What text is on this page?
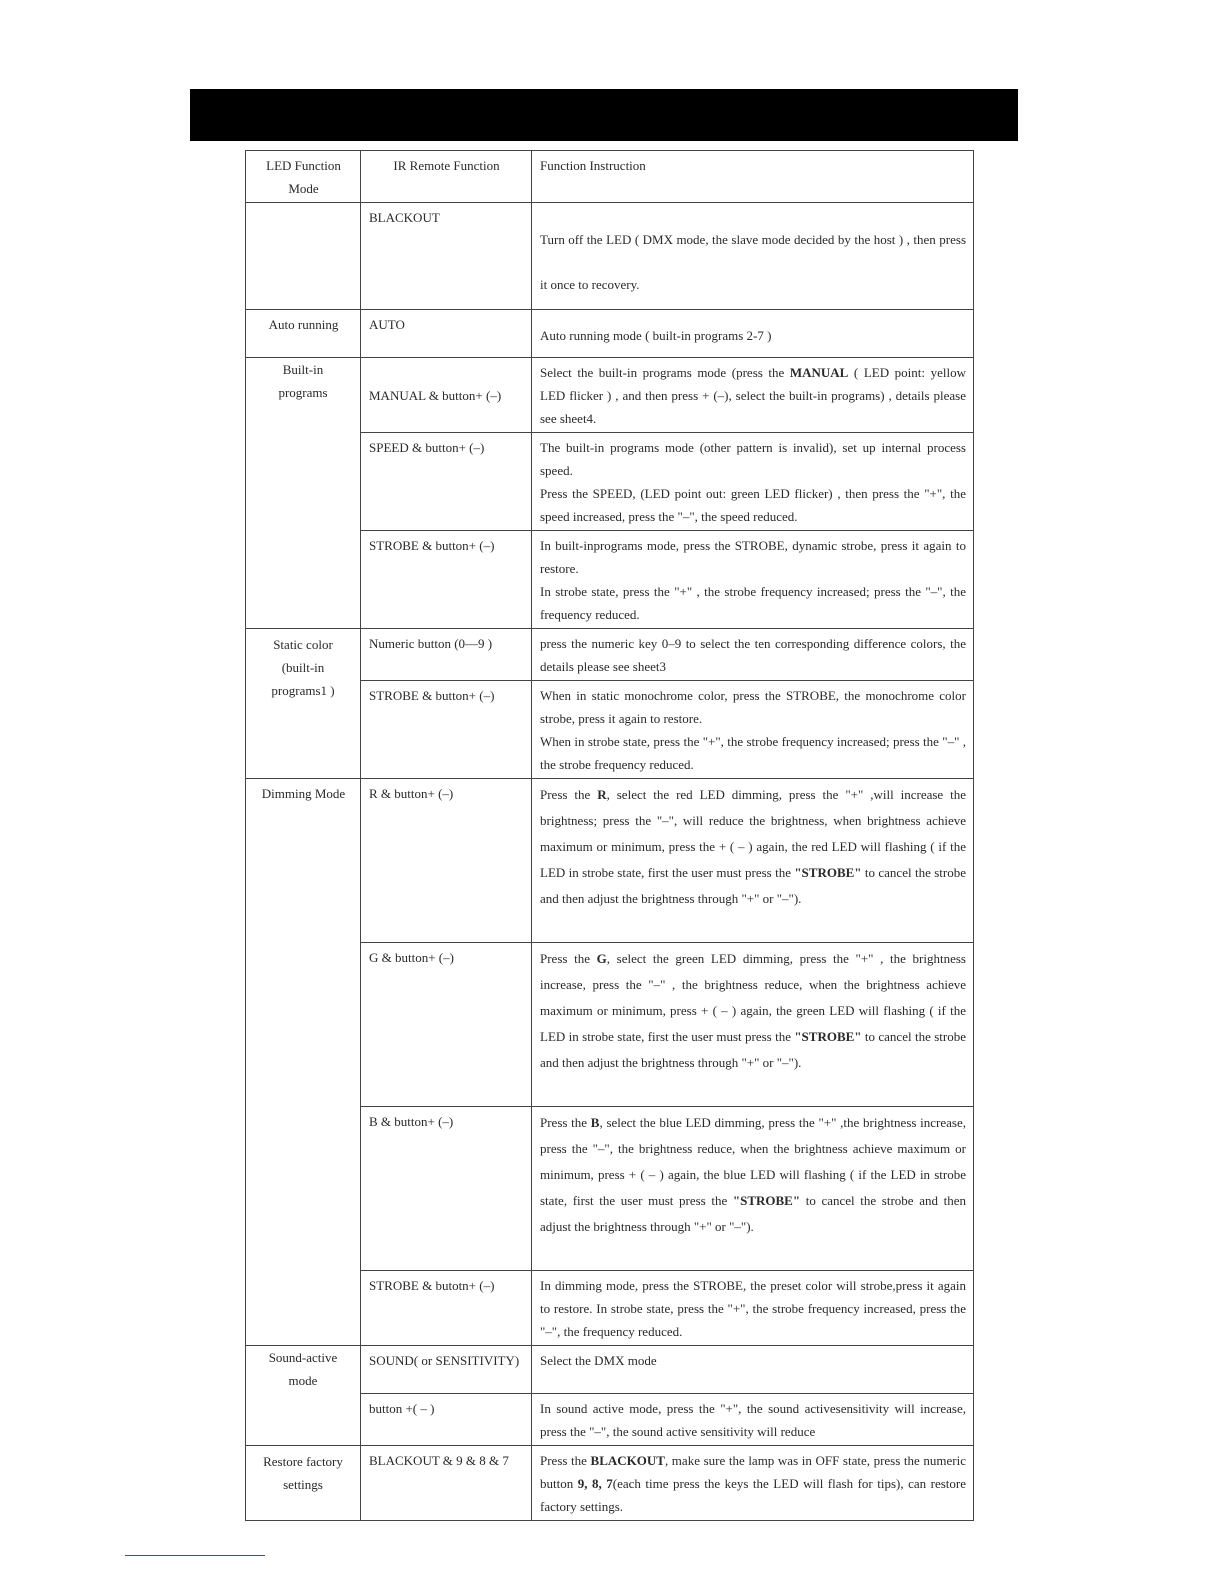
LED Function Mode	IR Remote Function	Function Instruction
	BLACKOUT	Turn off the LED ( DMX mode, the slave mode decided by the host ) , then press it once to recovery.
Auto running	AUTO	Auto running mode ( built-in programs 2-7 )
Built-in programs	MANUAL & button+ (–)	Select the built-in programs mode (press the MANUAL ( LED point: yellow LED flicker ) , and then press + (–), select the built-in programs) , details please see sheet4.
	SPEED & button+ (–)	The built-in programs mode (other pattern is invalid), set up internal process speed.
Press the SPEED, (LED point out: green LED flicker) , then press the "+", the speed increased, press the "–", the speed reduced.

	STROBE & button+ (–)	In built-inprograms mode, press the STROBE, dynamic strobe, press it again to restore.
In strobe state, press the "+" , the strobe frequency increased; press the "–", the frequency reduced.

Static color (built-in programs1 )	Numeric button (0—9 )	press the numeric key 0–9 to select the ten corresponding difference colors, the details please see sheet3
	STROBE & button+ (–)	When in static monochrome color, press the STROBE, the monochrome color strobe, press it again to restore.
When in strobe state, press the "+", the strobe frequency increased; press the "–" , the strobe frequency reduced.

Dimming Mode	R & button+ (–)	Press the R, select the red LED dimming, press the "+" ,will increase the brightness; press the "–", will reduce the brightness, when brightness achieve maximum or minimum, press the + ( – ) again, the red LED will flashing ( if the LED in strobe state, first the user must press the "STROBE" to cancel the strobe and then adjust the brightness through "+" or "–").
	G & button+ (–)	Press the G, select the green LED dimming, press the "+" , the brightness increase, press the "–" , the brightness reduce, when the brightness achieve maximum or minimum, press + ( – ) again, the green LED will flashing ( if the LED in strobe state, first the user must press the "STROBE" to cancel the strobe and then adjust the brightness through "+" or "–").
	B & button+ (–)	Press the B, select the blue LED dimming, press the "+" ,the brightness increase, press the "–", the brightness reduce, when the brightness achieve maximum or minimum, press + ( – ) again, the blue LED will flashing ( if the LED in strobe state, first the user must press the "STROBE" to cancel the strobe and then adjust the brightness through "+" or "–").
	STROBE & butotn+ (–)	In dimming mode, press the STROBE, the preset color will strobe,press it again to restore. In strobe state, press the "+", the strobe frequency increased, press the "–", the frequency reduced.
Sound-active mode	SOUND( or SENSITIVITY)	Select the DMX mode
	button +( – )	In sound active mode, press the "+", the sound activesensitivity will increase, press the "–", the sound active sensitivity will reduce
Restore factory settings	BLACKOUT & 9 & 8 & 7	Press the BLACKOUT, make sure the lamp was in OFF state, press the numeric button 9, 8, 7(each time press the keys the LED will flash for tips), can restore factory settings.
